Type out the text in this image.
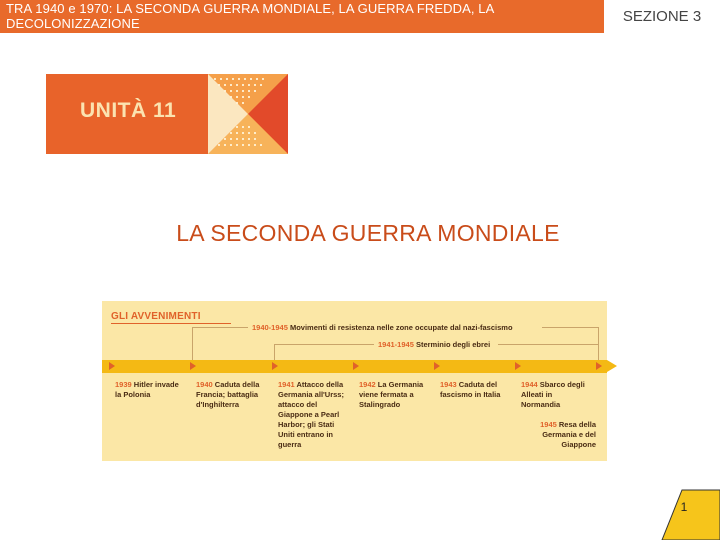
TRA 1940 e 1970: LA SECONDA GUERRA MONDIALE, LA GUERRA FREDDA, LA DECOLONIZZAZIONE	SEZIONE 3
UNITÀ 11
LA SECONDA GUERRA MONDIALE
GLI AVVENIMENTI
1940-1945 Movimenti di resistenza nelle zone occupate dal nazi-fascismo
1941-1945 Sterminio degli ebrei
1939 Hitler invade la Polonia
1940 Caduta della Francia; battaglia d'Inghilterra
1941 Attacco della Germania all'Urss; attacco del Giappone a Pearl Harbor; gli Stati Uniti entrano in guerra
1942 La Germania viene fermata a Stalingrado
1943 Caduta del fascismo in Italia
1944 Sbarco degli Alleati in Normandia
1945 Resa della Germania e del Giappone
1
